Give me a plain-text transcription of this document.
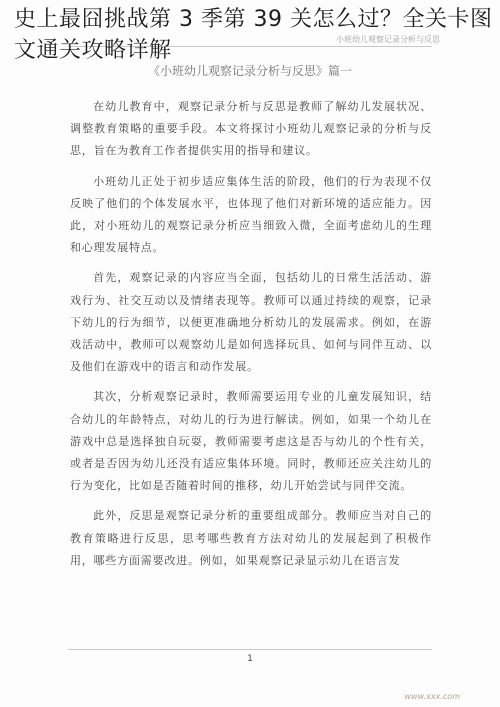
小班幼儿观察记录分析与反思
《小班幼儿观察记录分析与反思》篇一

在幼儿教育中，观察记录分析与反思是教师了解幼儿发展状况、调整教育策略的重要手段。本文将探讨小班幼儿观察记录的分析与反思，旨在为教育工作者提供实用的指导和建议。

小班幼儿正处于初步适应集体生活的阶段，他们的行为表现不仅反映了他们的个体发展水平，也体现了他们对新环境的适应能力。因此，对小班幼儿的观察记录分析应当细致入微，全面考虑幼儿的生理和心理发展特点。

首先，观察记录的内容应当全面，包括幼儿的日常生活活动、游戏行为、社交互动以及情绪表现等。教师可以通过持续的观察，记录下幼儿的行为细节，以便更准确地分析幼儿的发展需求。例如，在游戏活动中，教师可以观察幼儿是如何选择玩具、如何与同伴互动、以及他们在游戏中的语言和动作发展。

其次，分析观察记录时，教师需要运用专业的儿童发展知识，结合幼儿的年龄特点，对幼儿的行为进行解读。例如，如果一个幼儿在游戏中总是选择独自玩耍，教师需要考虑这是否与幼儿的个性有关，或者是否因为幼儿还没有适应集体环境。同时，教师还应关注幼儿的行为变化，比如是否随着时间的推移，幼儿开始尝试与同伴交流。

此外，反思是观察记录分析的重要组成部分。教师应当对自己的教育策略进行反思，思考哪些教育方法对幼儿的发展起到了积极作用，哪些方面需要改进。例如，如果观察记录显示幼儿在语言发

1
www.xxx.com
史上最囧挑战第 3 季第 39 关怎么过？全关卡图文通关攻略详解
